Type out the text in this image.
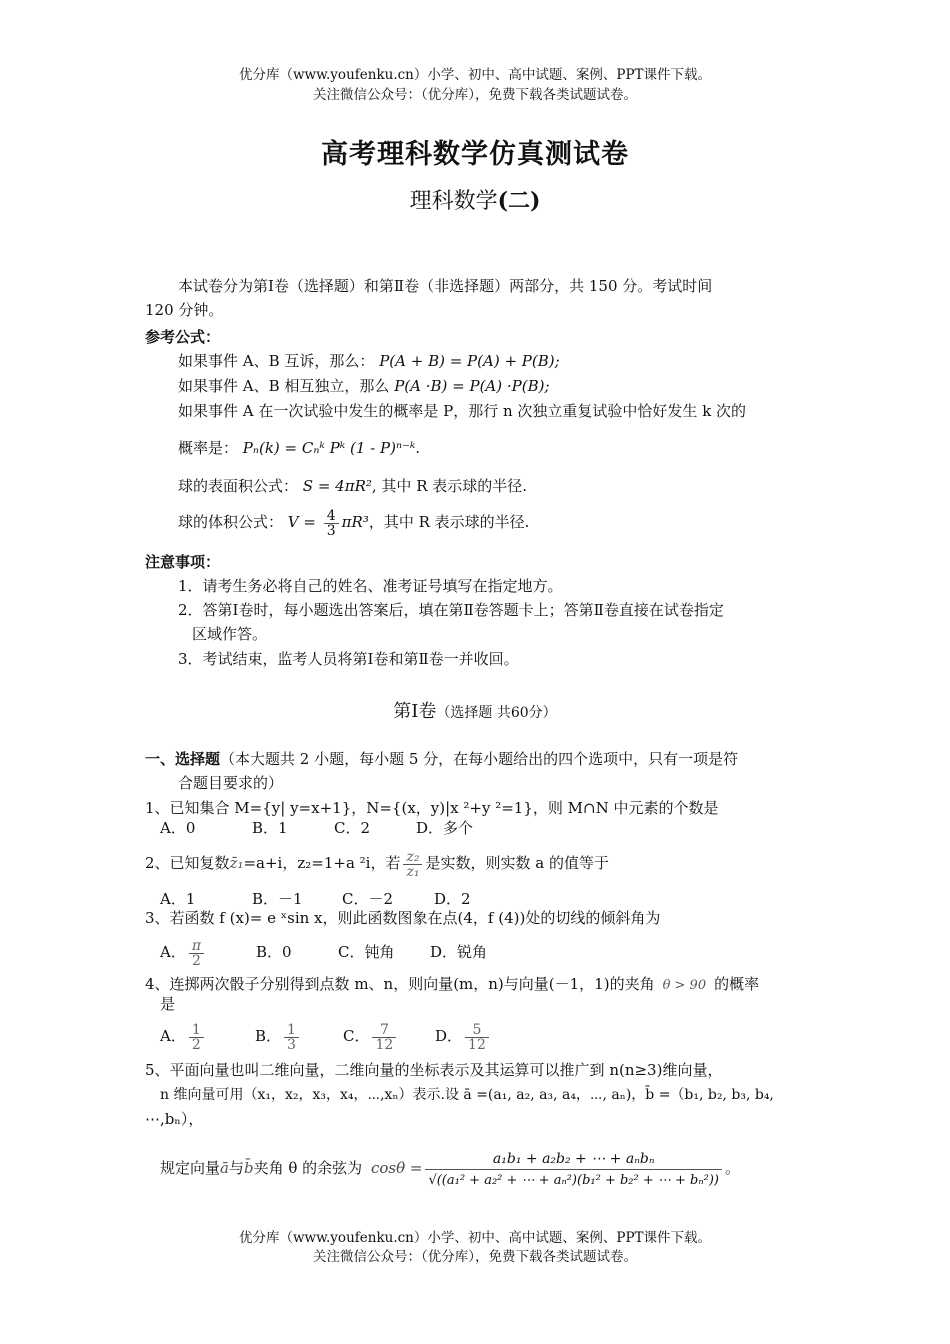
优分库（www.youfenku.cn）小学、初中、高中试题、案例、PPT课件下载。
关注微信公众号：（优分库），免费下载各类试题试卷。
高考理科数学仿真测试卷
理科数学(二)
本试卷分为第Ⅰ卷（选择题）和第Ⅱ卷（非选择题）两部分，共 150 分。考试时间
120 分钟。
参考公式：
如果事件 A、B 互诉，那么： P(A + B) = P(A) + P(B);
如果事件 A、B 相互独立，那么 P(A ·B) = P(A) ·P(B);
如果事件 A 在一次试验中发生的概率是 P，那行 n 次独立重复试验中恰好发生 k 次的
概率是： Pₙ(k) = Cₙᵏ Pᵏ (1 - P)ⁿ⁻ᵏ.
球的表面积公式： S = 4πR², 其中 R 表示球的半径.
球的体积公式： $V = \frac{4}{3} \pi R^3$，其中 R 表示球的半径.
注意事项：
1．请考生务必将自己的姓名、准考证号填写在指定地方。
2．答第Ⅰ卷时，每小题选出答案后，填在第Ⅱ卷答题卡上；答第Ⅱ卷直接在试卷指定
区域作答。
3．考试结束，监考人员将第Ⅰ卷和第Ⅱ卷一并收回。
第Ⅰ卷（选择题 共60分）
一、选择题（本大题共 2 小题，每小题 5 分，在每小题给出的四个选项中，只有一项是符
合题目要求的）
1、已知集合 M={y| y=x+1}，N={(x，y)|x ²+y ²=1}，则 M∩N 中元素的个数是
A．0	B．1	C．2	D．多个
2、已知复数z̄₁=a+i，z₂=1+a ²i，若 $\frac{\text{z₂}}{\text{z₁}}$ 是实数，则实数 a 的值等于
A．1	B．－1	C．－2	D．2
3、若函数 f (x)= e ˣsin x，则此函数图象在点(4，f (4))处的切线的倾斜角为
A． $\frac{\pi}{2}$	B．0	C．钝角 D．锐角
4、连掷两次骰子分别得到点数 m、n，则向量(m，n)与向量(－1，1)的夹角 θ > 90 的概率
是
A． $\frac{1}{2}$	B． $\frac{1}{3}$	C． $\frac{7}{12}$	D． $\frac{5}{12}$
5、平面向量也叫二维向量，二维向量的坐标表示及其运算可以推广到 n(n≥3)维向量，
n 维向量可用（x₁，x₂，x₃，x₄，⋯,xₙ）表示.设 ā =(a₁, a₂, a₃, a₄，⋯, aₙ)，b̄ =（b₁, b₂, b₃, b₄,
⋯,bₙ），
规定向量ā与b̄夹角 θ 的余弦为 $\cos\theta = \frac{\text{a₁b₁ + a₂b₂ + ⋯ + aₙbₙ}}{\text{√((a₁² + a₂² + ⋯ + aₙ²)(b₁² + b₂² + ⋯ + bₙ²))}}$ 。
优分库（www.youfenku.cn）小学、初中、高中试题、案例、PPT课件下载。
关注微信公众号：（优分库），免费下载各类试题试卷。
